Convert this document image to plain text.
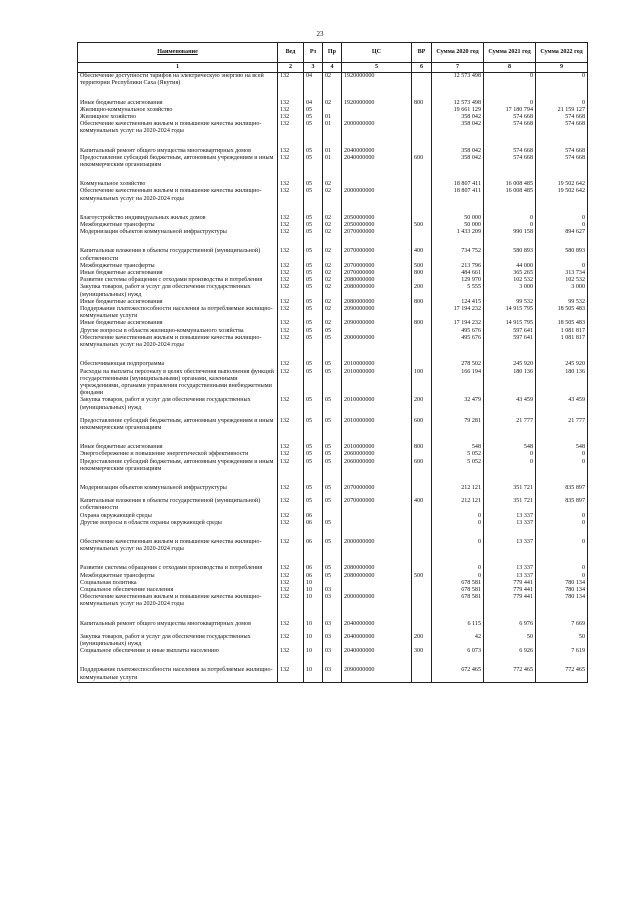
23
Наименование	Вед	Рз	Пр	ЦС	ВР	Сумма 2020 год	Сумма 2021 год	Сумма 2022 год
1	2	3	4	5	6	7	8	9
Обеспечение доступности тарифов на электрическую энергию на всей территории Республики Саха (Якутия)	132	04	02	1920000000		12 573 498	0	0
Иные бюджетные ассигнования	132	04	02	1920000000	800	12 573 498	0	0
Жилищно-коммунальное хозяйство	132	05				19 661 129	17 180 794	21 159 127
Жилищное хозяйство	132	05	01			358 042	574 668	574 668
Обеспечение качественным жильем и повышение качества жилищно-коммунальных услуг на 2020-2024 годы	132	05	01	2000000000		358 042	574 668	574 668
Капитальный ремонт общего имущества многоквартирных домов	132	05	01	2040000000		358 042	574 668	574 668
Предоставление субсидий бюджетным, автономным учреждениям и иным некоммерческим организациям	132	05	01	2040000000	600	358 042	574 668	574 668
Коммунальное хозяйство	132	05	02			18 807 411	16 008 485	19 502 642
Обеспечение качественным жильем и повышение качества жилищно-коммунальных услуг на 2020-2024 годы	132	05	02	2000000000		18 807 411	16 008 485	19 502 642
Благоустройство индивидуальных жилых домов	132	05	02	2050000000		50 000	0	0
Межбюджетные трансферты	132	05	02	2050000000	500	50 000	0	0
Модернизация объектов коммунальной инфраструктуры	132	05	02	2070000000		1 433 209	990 158	894 627
Капитальные вложения в объекты государственной (муниципальной) собственности	132	05	02	2070000000	400	734 752	580 893	580 893
Межбюджетные трансферты	132	05	02	2070000000	500	213 796	44 000	0
Иные бюджетные ассигнования	132	05	02	2070000000	800	484 661	365 265	313 734
Развитие системы обращения с отходами производства и потребления	132	05	02	2080000000		129 970	102 532	102 532
Закупка товаров, работ и услуг для обеспечения государственных (муниципальных) нужд	132	05	02	2080000000	200	5 555	3 000	3 000
Иные бюджетные ассигнования	132	05	02	2080000000	800	124 415	99 532	99 532
Поддержание платежеспособности населения за потребляемые жилищно-коммунальные услуги	132	05	02	2090000000		17 194 232	14 915 795	18 505 483
Иные бюджетные ассигнования	132	05	02	2090000000	800	17 194 232	14 915 795	18 505 483
Другие вопросы в области жилищно-коммунального хозяйства	132	05	05			495 676	597 641	1 081 817
Обеспечение качественным жильем и повышение качества жилищно-коммунальных услуг на 2020-2024 годы	132	05	05	2000000000		495 676	597 641	1 081 817
Обеспечивающая подпрограмма	132	05	05	2010000000		278 502	245 920	245 920
Расходы на выплаты персоналу в целях обеспечения выполнения функций государственными (муниципальными) органами, казенными учреждениями, органами управления государственными внебюджетными фондами	132	05	05	2010000000	100	166 194	180 136	180 136
Закупка товаров, работ и услуг для обеспечения государственных (муниципальных) нужд	132	05	05	2010000000	200	32 479	43 459	43 459
Предоставление субсидий бюджетным, автономным учреждениям и иным некоммерческим организациям	132	05	05	2010000000	600	79 281	21 777	21 777
Иные бюджетные ассигнования	132	05	05	2010000000	800	548	548	548
Энергосбережение и повышение энергетической эффективности	132	05	05	2060000000		5 052	0	0
Предоставление субсидий бюджетным, автономным учреждениям и иным некоммерческим организациям	132	05	05	2060000000	600	5 052	0	0
Модернизация объектов коммунальной инфраструктуры	132	05	05	2070000000		212 121	351 721	835 897
Капитальные вложения в объекты государственной (муниципальной) собственности	132	05	05	2070000000	400	212 121	351 721	835 897
Охрана окружающей среды	132	06				0	13 337	0
Другие вопросы в области охраны окружающей среды	132	06	05			0	13 337	0
Обеспечение качественным жильем и повышение качества жилищно-коммунальных услуг на 2020-2024 годы	132	06	05	2000000000		0	13 337	0
Развитие системы обращения с отходами производства и потребления	132	06	05	2080000000		0	13 337	0
Межбюджетные трансферты	132	06	05	2080000000	500	0	13 337	0
Социальная политика	132	10				678 581	779 441	780 134
Социальное обеспечение населения	132	10	03			678 581	779 441	780 134
Обеспечение качественным жильем и повышение качества жилищно-коммунальных услуг на 2020-2024 годы	132	10	03	2000000000		678 581	779 441	780 134
Капитальный ремонт общего имущества многоквартирных домов	132	10	03	2040000000		6 115	6 976	7 669
Закупка товаров, работ и услуг для обеспечения государственных (муниципальных) нужд	132	10	03	2040000000	200	42	50	50
Социальное обеспечение и иные выплаты населению	132	10	03	2040000000	300	6 073	6 926	7 619
Поддержание платежеспособности населения за потребляемые жилищно-коммунальные услуги	132	10	03	2090000000		672 465	772 465	772 465
